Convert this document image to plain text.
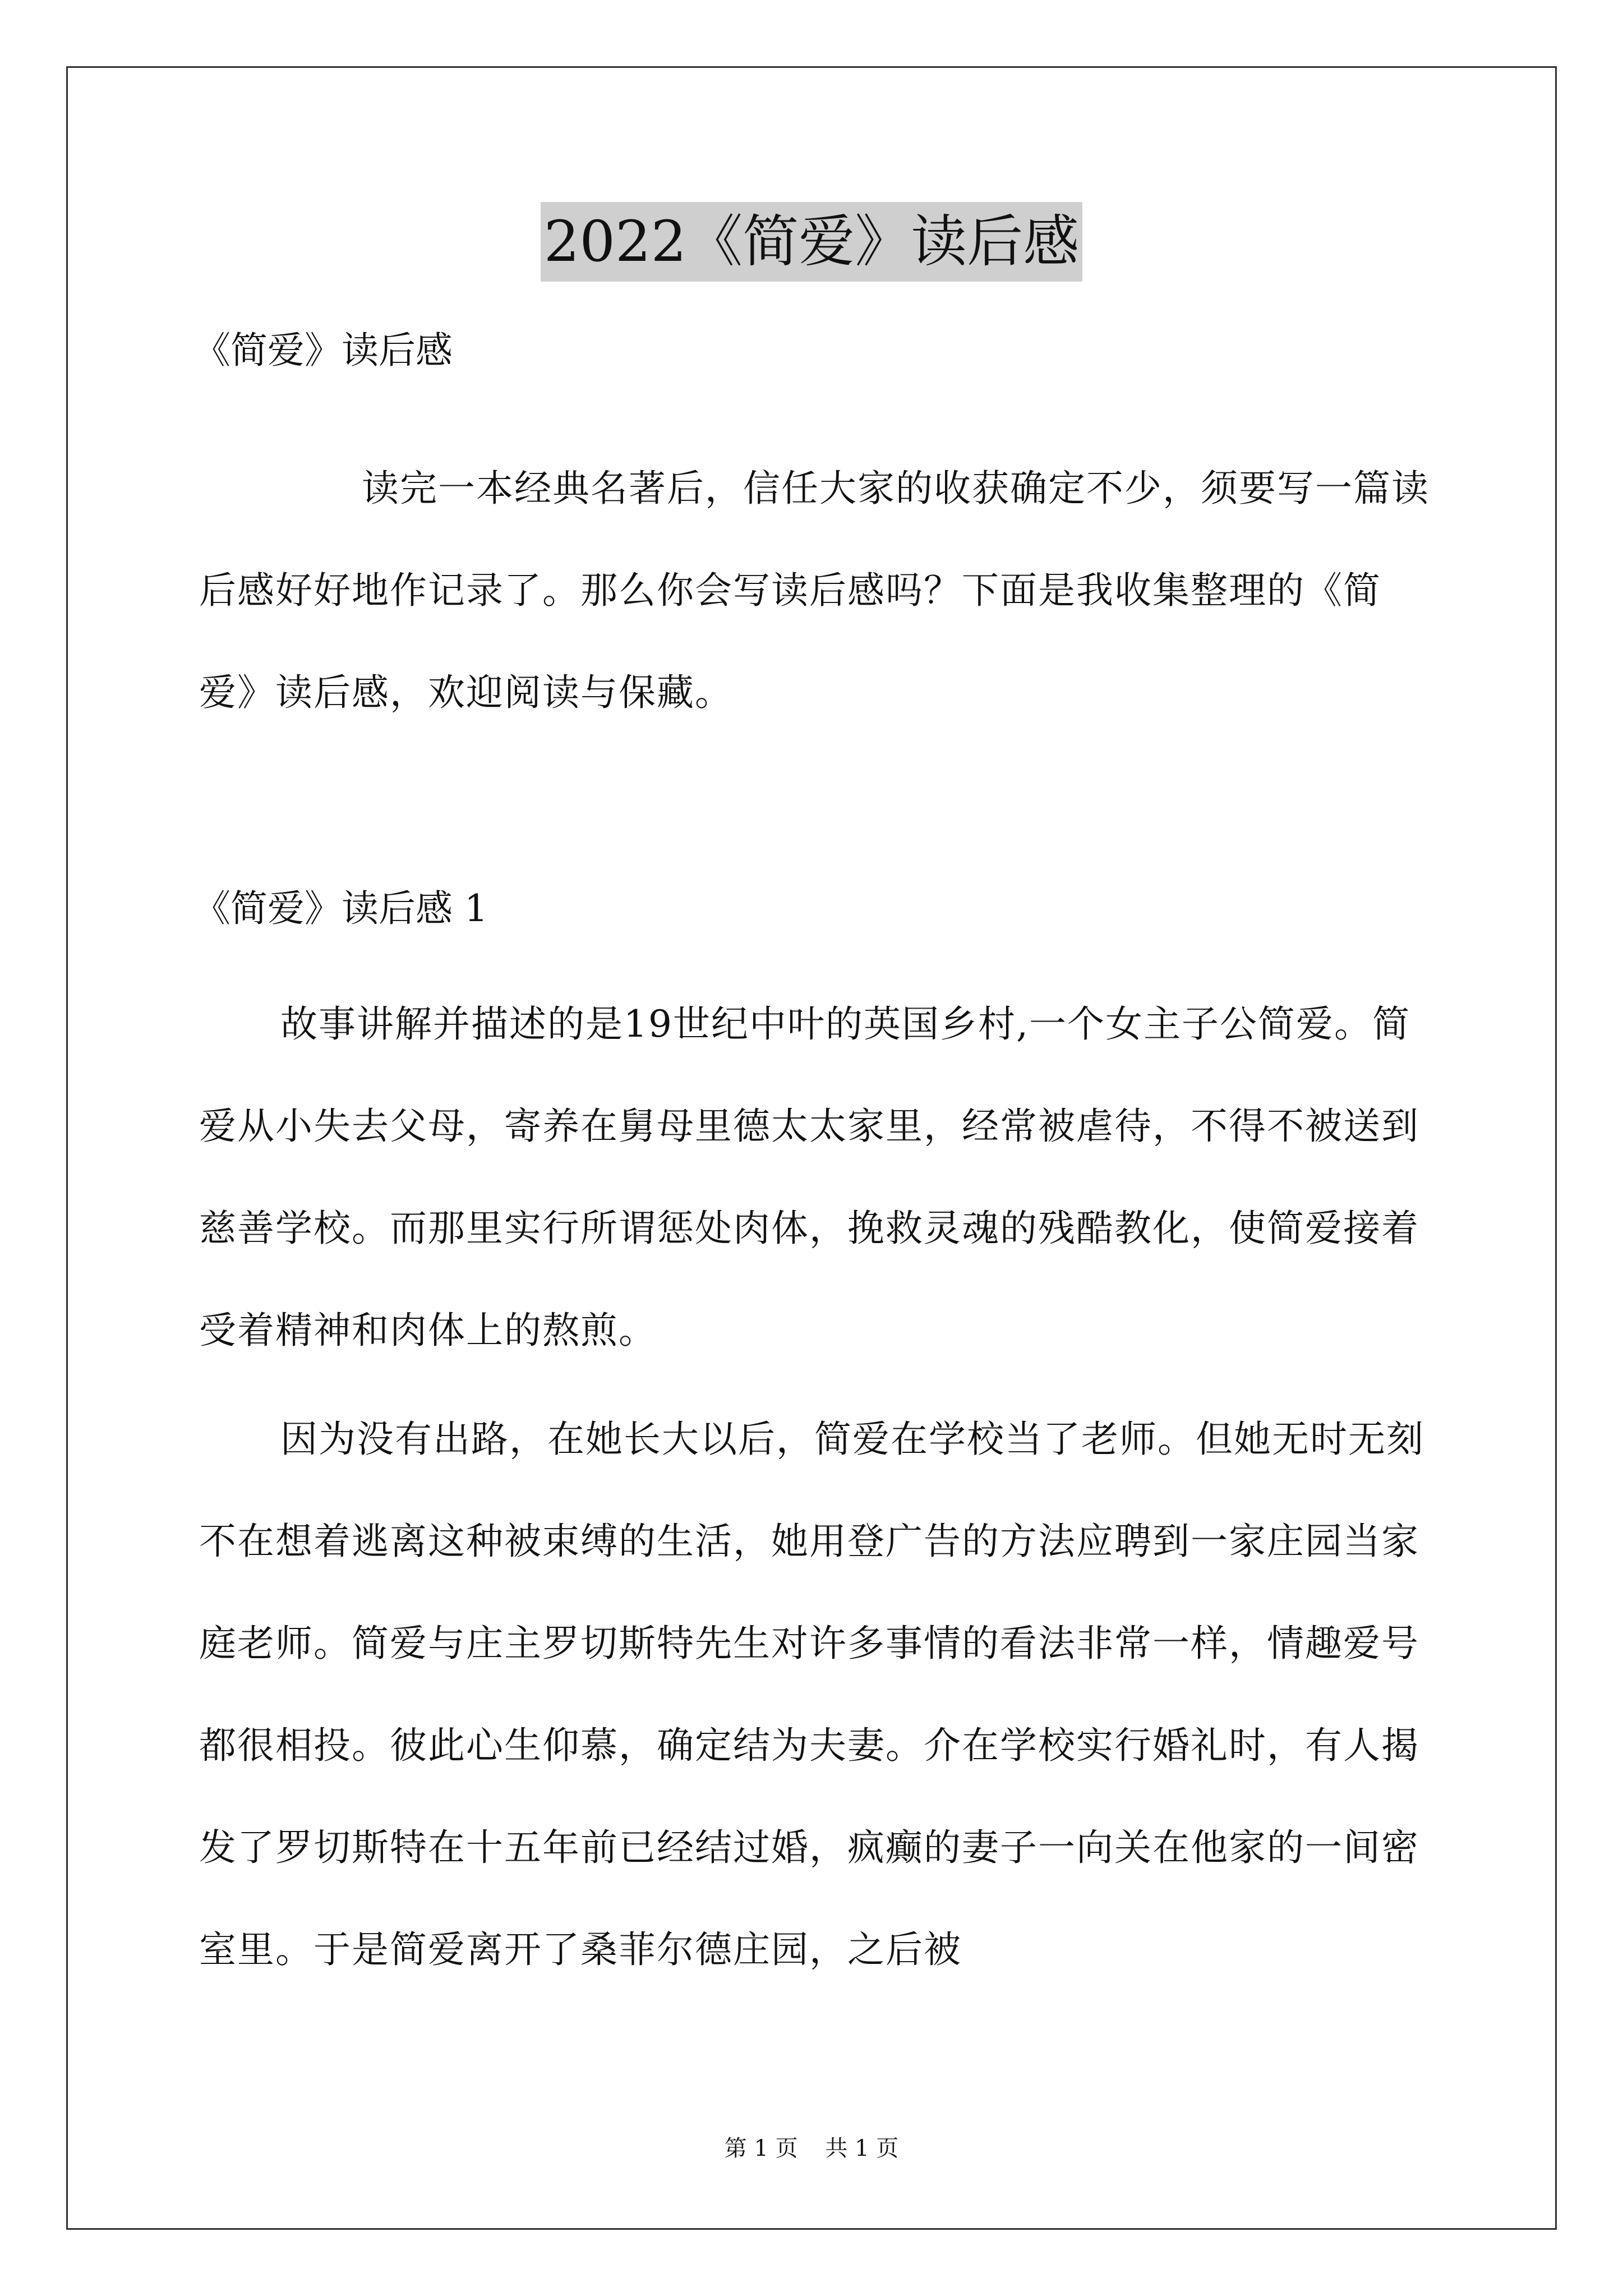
2022《简爱》读后感
《简爱》读后感
读完一本经典名著后，信任大家的收获确定不少，须要写一篇读后感好好地作记录了。那么你会写读后感吗？下面是我收集整理的《简爱》读后感，欢迎阅读与保藏。
《简爱》读后感 1
故事讲解并描述的是19世纪中叶的英国乡村,一个女主子公简爱。简爱从小失去父母，寄养在舅母里德太太家里，经常被虐待，不得不被送到慈善学校。而那里实行所谓惩处肉体，挽救灵魂的残酷教化，使简爱接着受着精神和肉体上的熬煎。
因为没有出路，在她长大以后，简爱在学校当了老师。但她无时无刻不在想着逃离这种被束缚的生活，她用登广告的方法应聘到一家庄园当家庭老师。简爱与庄主罗切斯特先生对许多事情的看法非常一样，情趣爱号都很相投。彼此心生仰慕，确定结为夫妻。介在学校实行婚礼时，有人揭发了罗切斯特在十五年前已经结过婚，疯癫的妻子一向关在他家的一间密室里。于是简爱离开了桑菲尔德庄园，之后被
第 1 页 共 1 页
